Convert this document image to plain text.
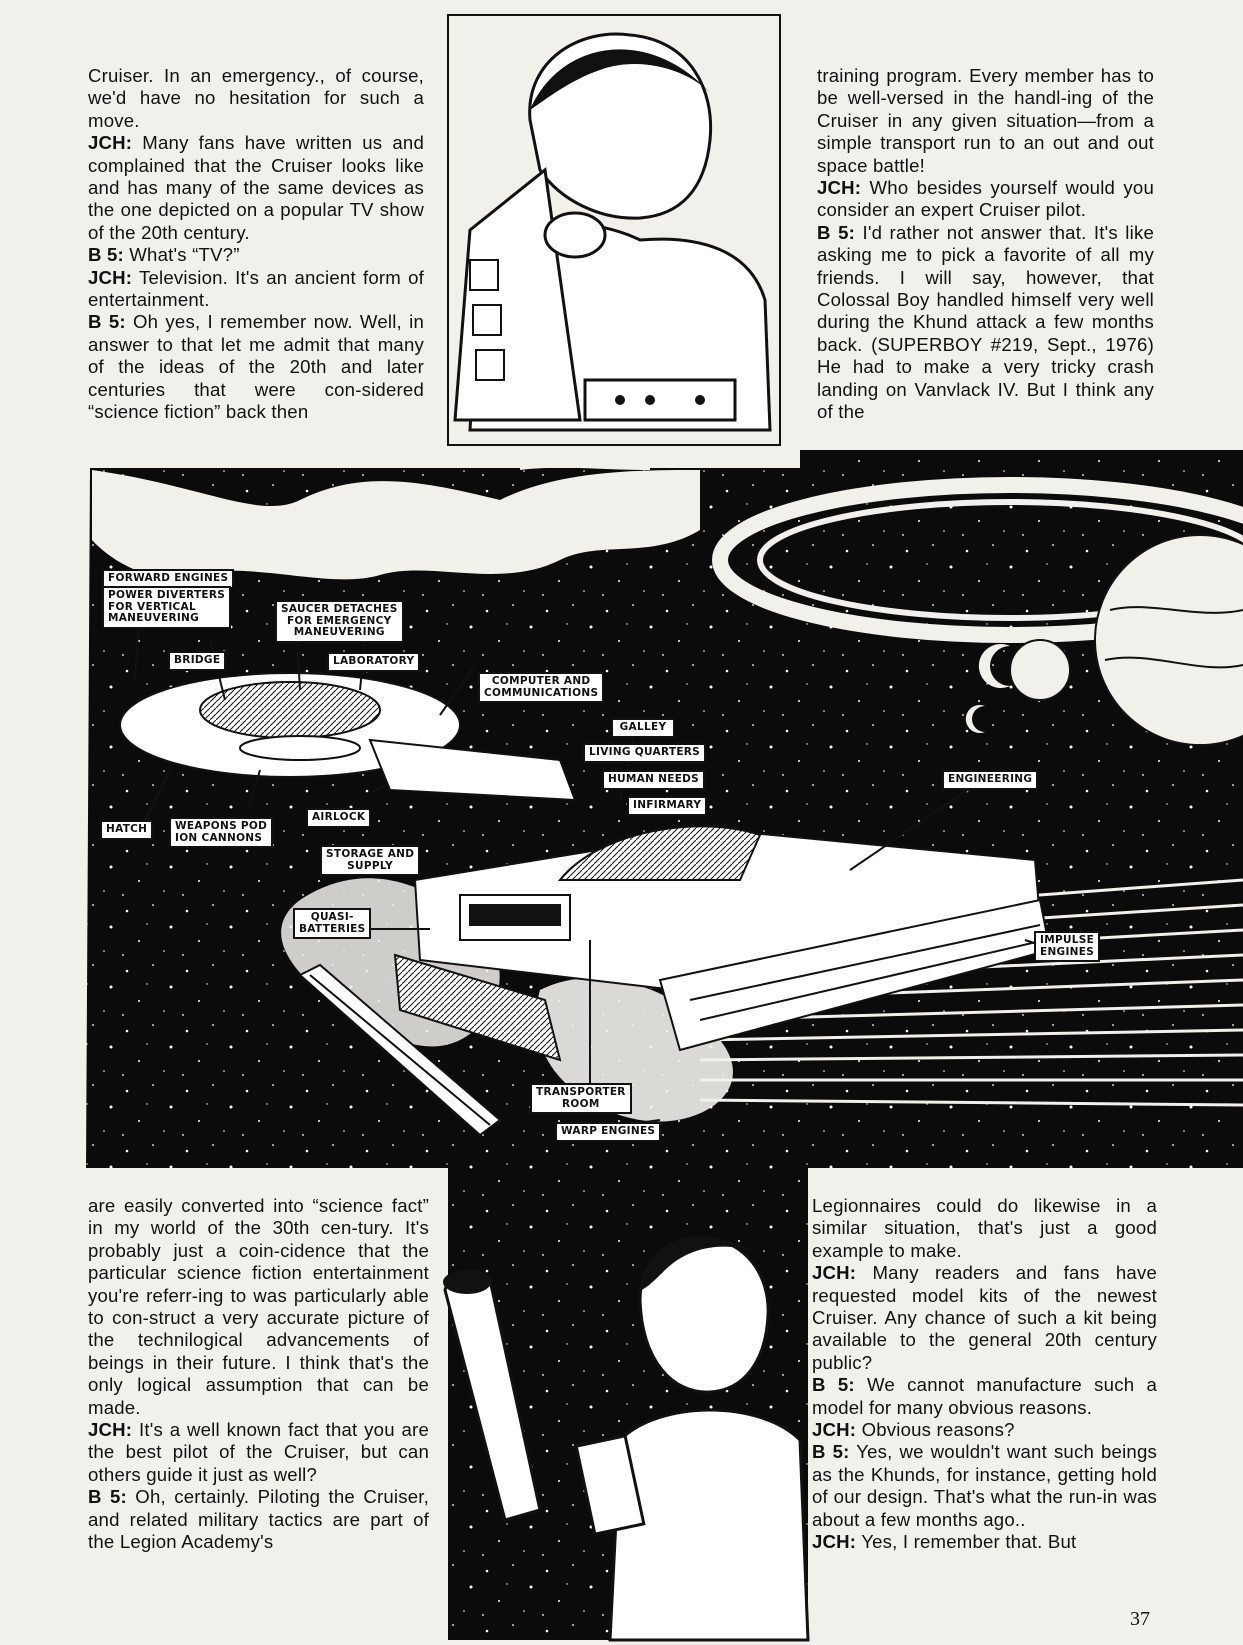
FORWARD ENGINES
POWER DIVERTERS
FOR VERTICAL
MANEUVERING
SAUCER DETACHES
FOR EMERGENCY
MANEUVERING
BRIDGE	LABORATORY
COMPUTER AND
COMMUNICATIONS
GALLEY
LIVING QUARTERS
HUMAN NEEDS
INFIRMARY
ENGINEERING
HATCH	WEAPONS POD
ION CANNONS
AIRLOCK
STORAGE AND
SUPPLY
QUASI-
BATTERIES
IMPULSE
ENGINES
TRANSPORTER
ROOM
WARP ENGINES

Cruiser. In an emergency., of course, we'd have no hesitation for such a move.

JCH: Many fans have written us and complained that the Cruiser looks like and has many of the same devices as the one depicted on a popular TV show of the 20th century.

B 5: What's “TV?”

JCH: Television. It's an ancient form of entertainment.

B 5: Oh yes, I remember now. Well, in answer to that let me admit that many of the ideas of the 20th and later centuries that were con-sidered “science fiction” back then

training program. Every member has to be well-versed in the handl-ing of the Cruiser in any given situation—from a simple transport run to an out and out space battle!

JCH: Who besides yourself would you consider an expert Cruiser pilot.

B 5: I'd rather not answer that. It's like asking me to pick a favorite of all my friends. I will say, however, that Colossal Boy handled himself very well during the Khund attack a few months back. (SUPERBOY #219, Sept., 1976) He had to make a very tricky crash landing on Vanvlack IV. But I think any of the

are easily converted into “science fact” in my world of the 30th cen-tury. It's probably just a coin-cidence that the particular science fiction entertainment you're referr-ing to was particularly able to con-struct a very accurate picture of the technilogical advancements of beings in their future. I think that's the only logical assumption that can be made.

JCH: It's a well known fact that you are the best pilot of the Cruiser, but can others guide it just as well?

B 5: Oh, certainly. Piloting the Cruiser, and related military tactics are part of the Legion Academy's

Legionnaires could do likewise in a similar situation, that's just a good example to make.

JCH: Many readers and fans have requested model kits of the newest Cruiser. Any chance of such a kit being available to the general 20th century public?

B 5: We cannot manufacture such a model for many obvious reasons.

JCH: Obvious reasons?

B 5: Yes, we wouldn't want such beings as the Khunds, for instance, getting hold of our design. That's what the run-in was about a few months ago..

JCH: Yes, I remember that. But

37
